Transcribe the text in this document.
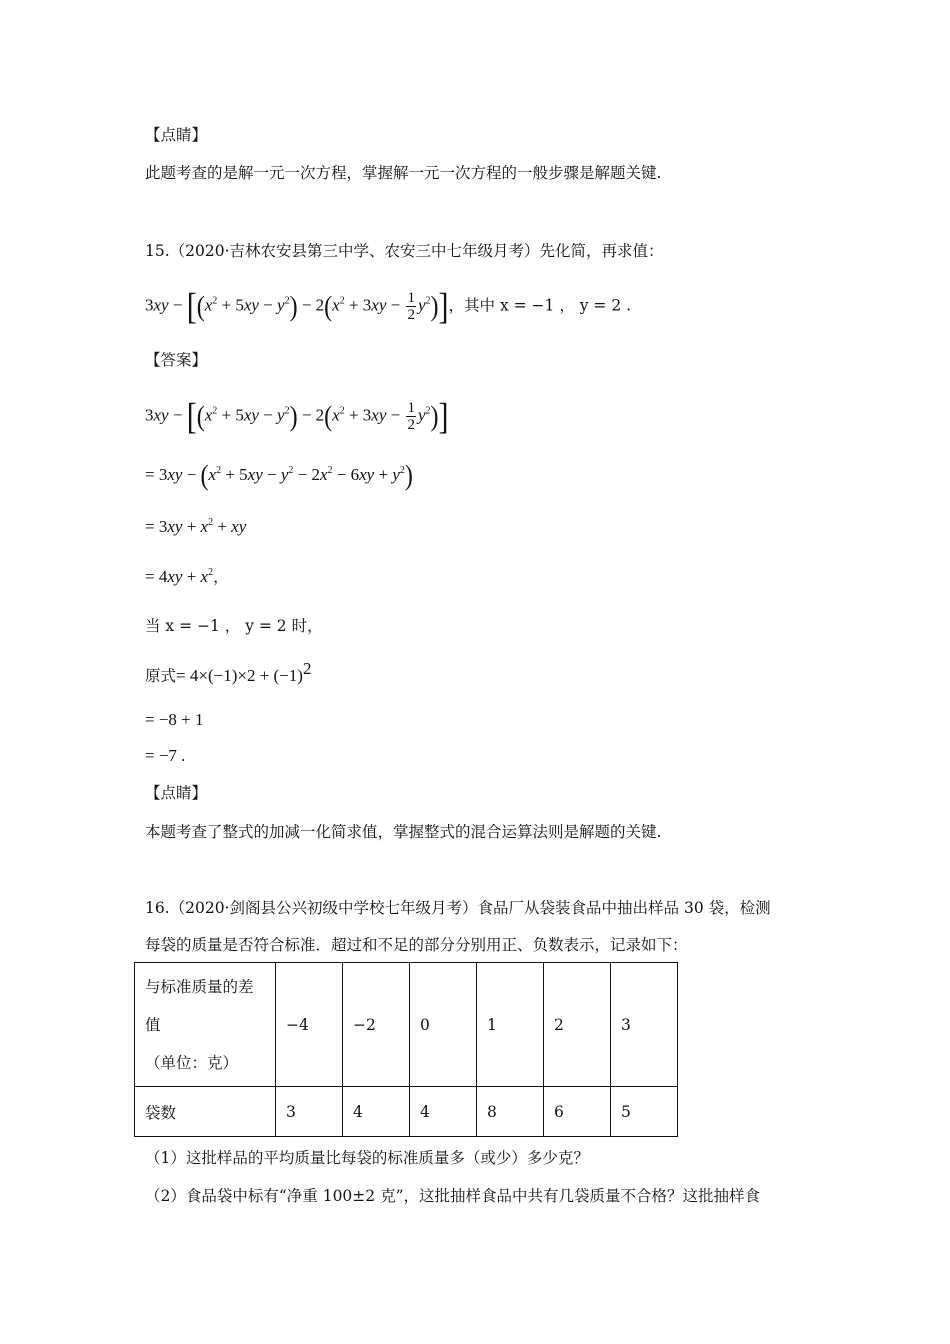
【点睛】
此题考查的是解一元一次方程，掌握解一元一次方程的一般步骤是解题关键.
15.（2020·吉林农安县第三中学、农安三中七年级月考）先化简，再求值：
$3xy - [(x^2 + 5xy - y^2) - 2(x^2 + 3xy - \frac{1}{2} y^2)]$，其中 x = −1 ， y = 2 .
【答案】
$3xy - [(x^2 + 5xy - y^2) - 2(x^2 + 3xy - \frac{1}{2} y^2)]$
= $3xy - (x^2 + 5xy - y^2 - 2x^2 - 6xy + y^2)$
= $3xy + x^2$ + xy
= $4xy + x^2$，
当 x = −1 ， y = 2 时，
原式= $4\times(-1)\times 2 + (-1)^2$
= −8 + 1
= −7 .
【点睛】
本题考查了整式的加减一化简求值，掌握整式的混合运算法则是解题的关键.
16.（2020·剑阁县公兴初级中学校七年级月考）食品厂从袋装食品中抽出样品 30 袋，检测
每袋的质量是否符合标准．超过和不足的部分分别用正、负数表示，记录如下：
与标准质量的差
值
（单位：克）	−4	−2	0	1	2	3
袋数	3	4	4	8	6	5
（1）这批样品的平均质量比每袋的标准质量多（或少）多少克？
（2）食品袋中标有“净重 100±2 克”，这批抽样食品中共有几袋质量不合格？这批抽样食
